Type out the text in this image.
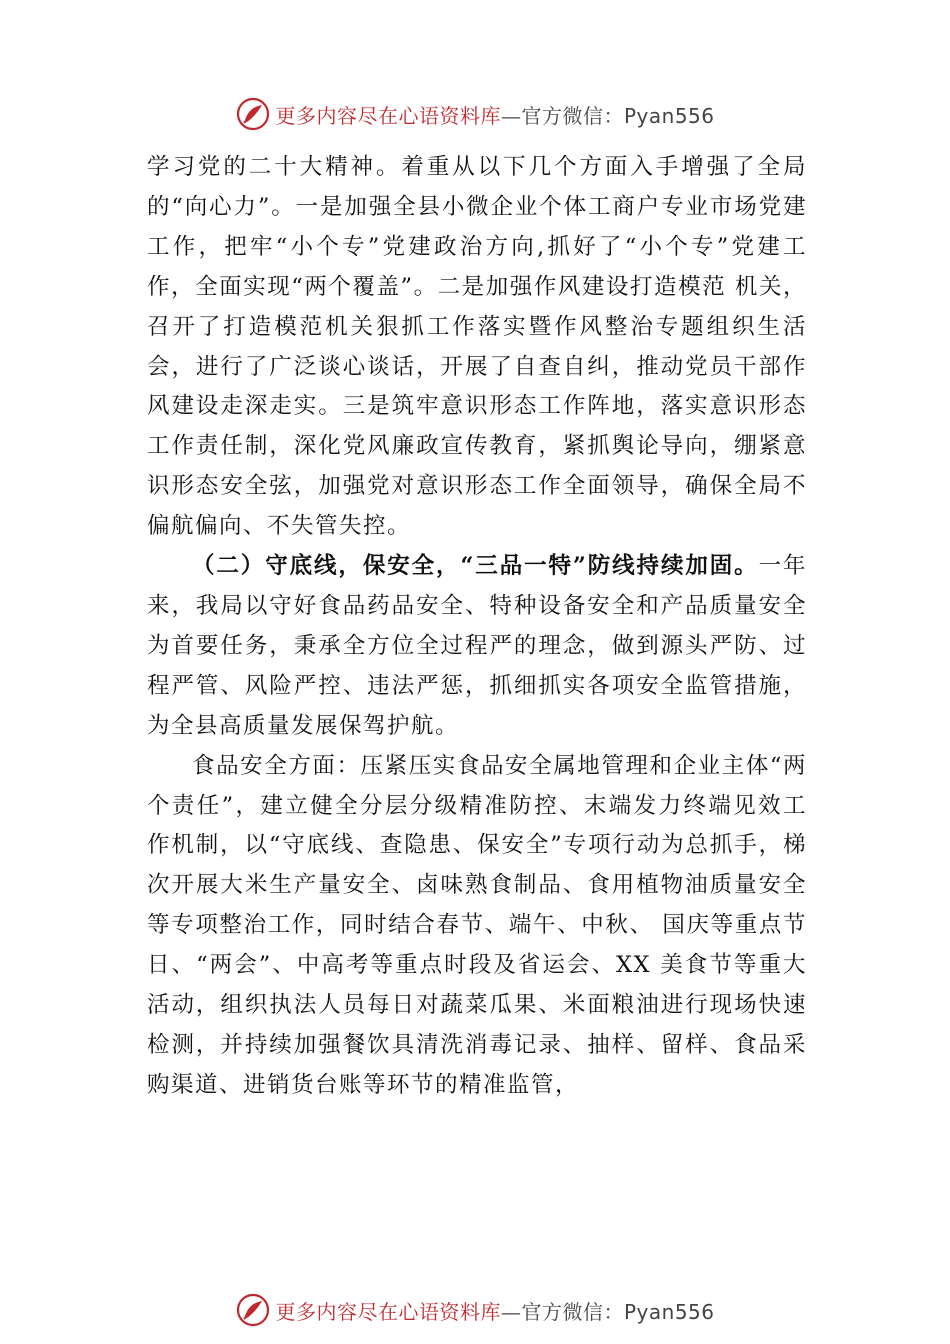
更多内容尽在心语资料库—官方微信：Pyan556

学习党的二十大精神。着重从以下几个方面入手增强了全局的“向心力”。一是加强全县小微企业个体工商户专业市场党建工作，把牢“小个专”党建政治方向,抓好了“小个专”党建工作，全面实现“两个覆盖”。二是加强作风建设打造模范 机关，召开了打造模范机关狠抓工作落实暨作风整治专题组织生活会，进行了广泛谈心谈话，开展了自查自纠，推动党员干部作风建设走深走实。三是筑牢意识形态工作阵地，落实意识形态工作责任制，深化党风廉政宣传教育，紧抓舆论导向，绷紧意识形态安全弦，加强党对意识形态工作全面领导，确保全局不偏航偏向、不失管失控。

（二）守底线，保安全，“三品一特”防线持续加固。一年来，我局以守好食品药品安全、特种设备安全和产品质量安全为首要任务，秉承全方位全过程严的理念，做到源头严防、过程严管、风险严控、违法严惩，抓细抓实各项安全监管措施，为全县高质量发展保驾护航。

食品安全方面：压紧压实食品安全属地管理和企业主体“两个责任”，建立健全分层分级精准防控、末端发力终端见效工作机制，以“守底线、查隐患、保安全”专项行动为总抓手，梯次开展大米生产量安全、卤味熟食制品、食用植物油质量安全等专项整治工作，同时结合春节、端午、中秋、 国庆等重点节日、“两会”、中高考等重点时段及省运会、XX 美食节等重大活动，组织执法人员每日对蔬菜瓜果、米面粮油进行现场快速检测，并持续加强餐饮具清洗消毒记录、抽样、留样、食品采购渠道、进销货台账等环节的精准监管，

更多内容尽在心语资料库—官方微信：Pyan556
